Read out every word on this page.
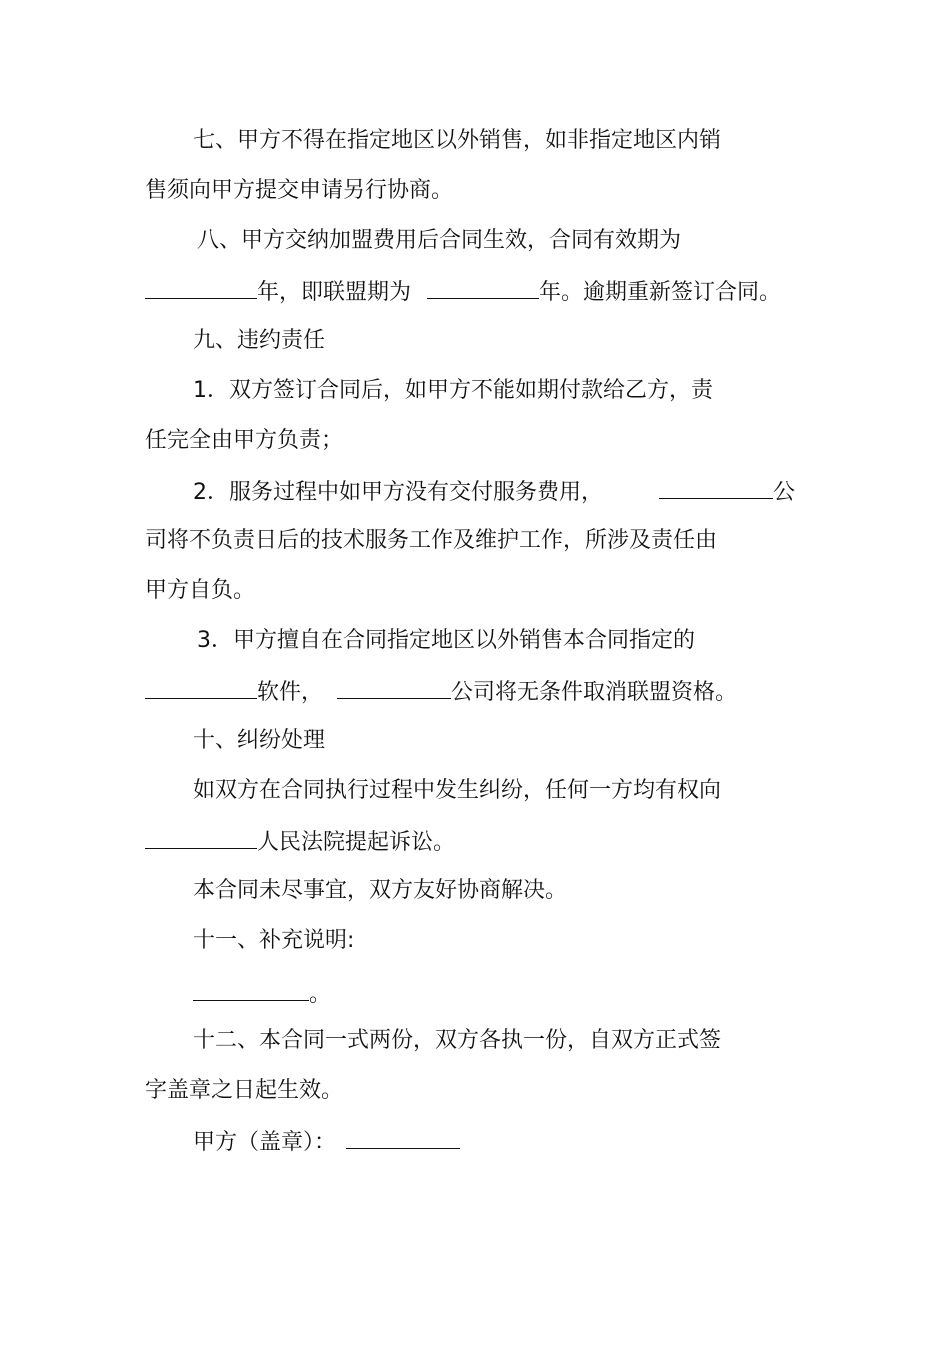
七、甲方不得在指定地区以外销售，如非指定地区内销

售须向甲方提交申请另行协商。

八、甲方交纳加盟费用后合同生效，合同有效期为

年，即联盟期为	年。逾期重新签订合同。

九、违约责任

1．双方签订合同后，如甲方不能如期付款给乙方，责

任完全由甲方负责；

2．服务过程中如甲方没有交付服务费用，	公

司将不负责日后的技术服务工作及维护工作，所涉及责任由

甲方自负。

3．甲方擅自在合同指定地区以外销售本合同指定的

软件，	公司将无条件取消联盟资格。

十、纠纷处理

如双方在合同执行过程中发生纠纷，任何一方均有权向

人民法院提起诉讼。

本合同未尽事宜，双方友好协商解决。

十一、补充说明:

。

十二、本合同一式两份，双方各执一份，自双方正式签

字盖章之日起生效。

甲方（盖章）：
